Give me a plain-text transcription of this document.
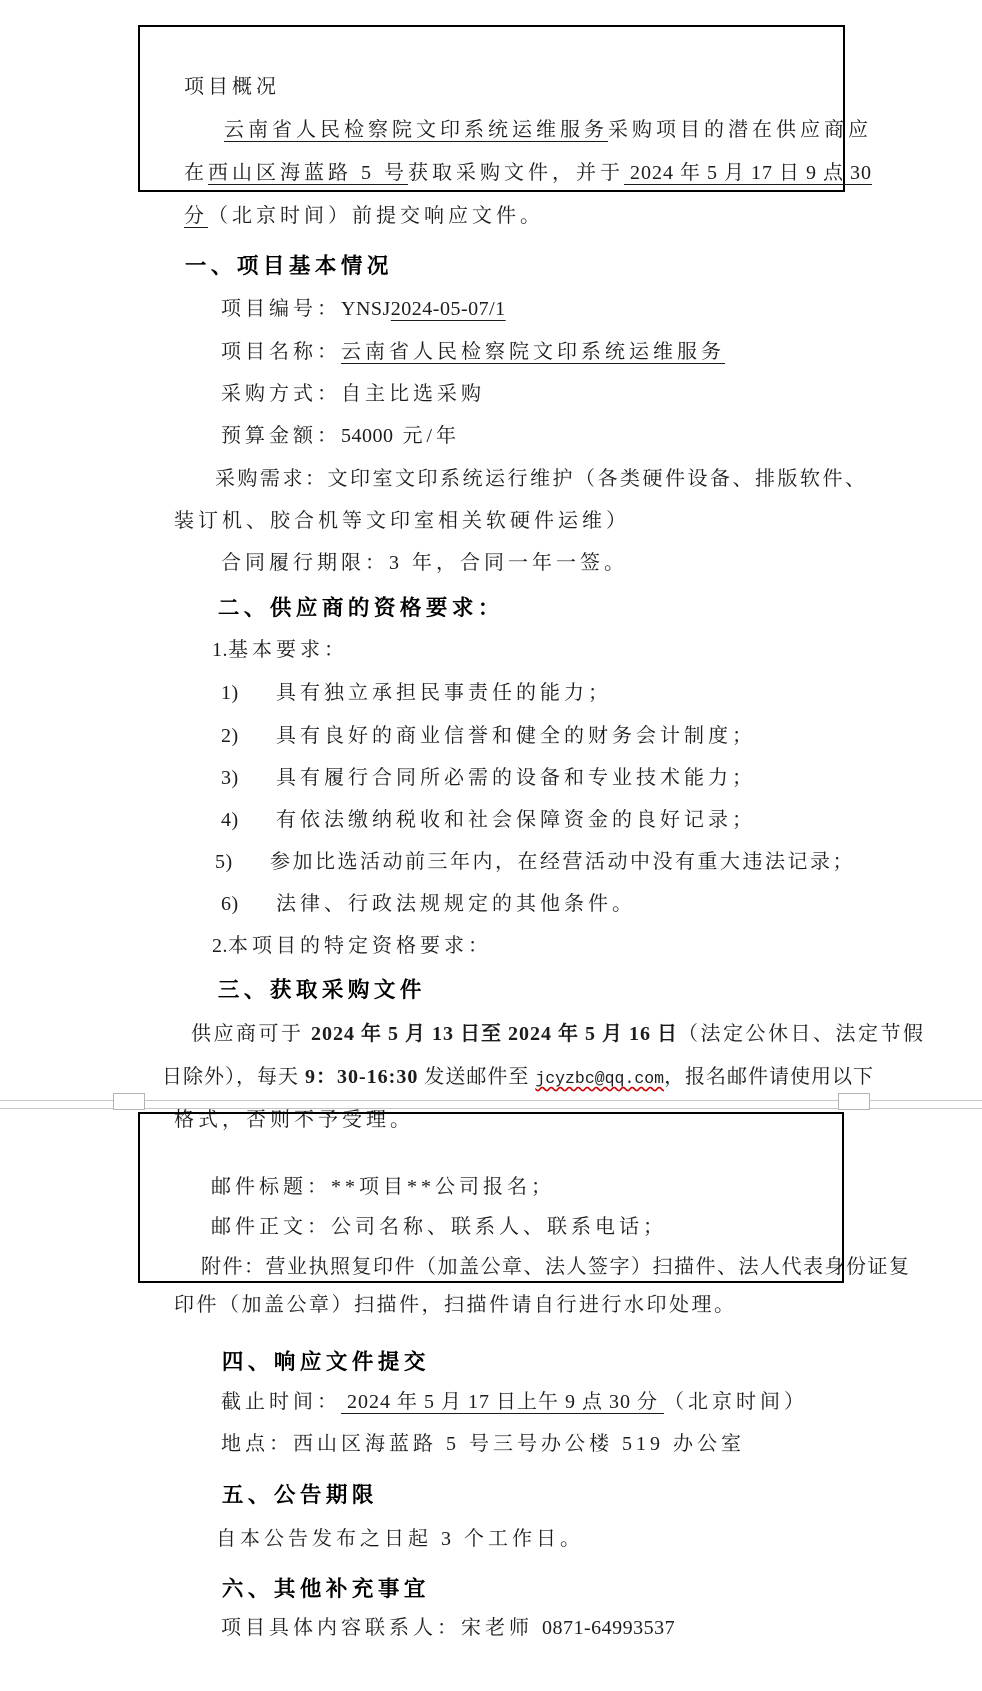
项目概况

云南省人民检察院文印系统运维服务采购项目的潜在供应商应

在西山区海蓝路 5 号获取采购文件，并于 2024 年 5 月 17 日 9 点 30

分（北京时间）前提交响应文件。

一、项目基本情况

项目编号：YNSJ2024-05-07/1

项目名称：云南省人民检察院文印系统运维服务

采购方式：自主比选采购

预算金额：54000 元/年

采购需求：文印室文印系统运行维护（各类硬件设备、排版软件、

装订机、胶合机等文印室相关软硬件运维）

合同履行期限：3 年，合同一年一签。

二、供应商的资格要求：

1.基本要求：

1) 具有独立承担民事责任的能力；

2) 具有良好的商业信誉和健全的财务会计制度；

3) 具有履行合同所必需的设备和专业技术能力；

4) 有依法缴纳税收和社会保障资金的良好记录；

5) 参加比选活动前三年内，在经营活动中没有重大违法记录；

6) 法律、行政法规规定的其他条件。

2.本项目的特定资格要求：

三、获取采购文件

供应商可于 2024 年 5 月 13 日至 2024 年 5 月 16 日（法定公休日、法定节假

日除外），每天 9：30-16:30 发送邮件至 jcyzbc@qq.com，报名邮件请使用以下

格式，否则不予受理。

邮件标题：**项目**公司报名；

邮件正文：公司名称、联系人、联系电话；

附件：营业执照复印件（加盖公章、法人签字）扫描件、法人代表身份证复

印件（加盖公章）扫描件，扫描件请自行进行水印处理。

四、响应文件提交

截止时间： 2024 年 5 月 17 日上午 9 点 30 分 （北京时间）

地点：西山区海蓝路 5 号三号办公楼 519 办公室

五、公告期限

自本公告发布之日起 3 个工作日。

六、其他补充事宜

项目具体内容联系人：宋老师 0871-64993537
